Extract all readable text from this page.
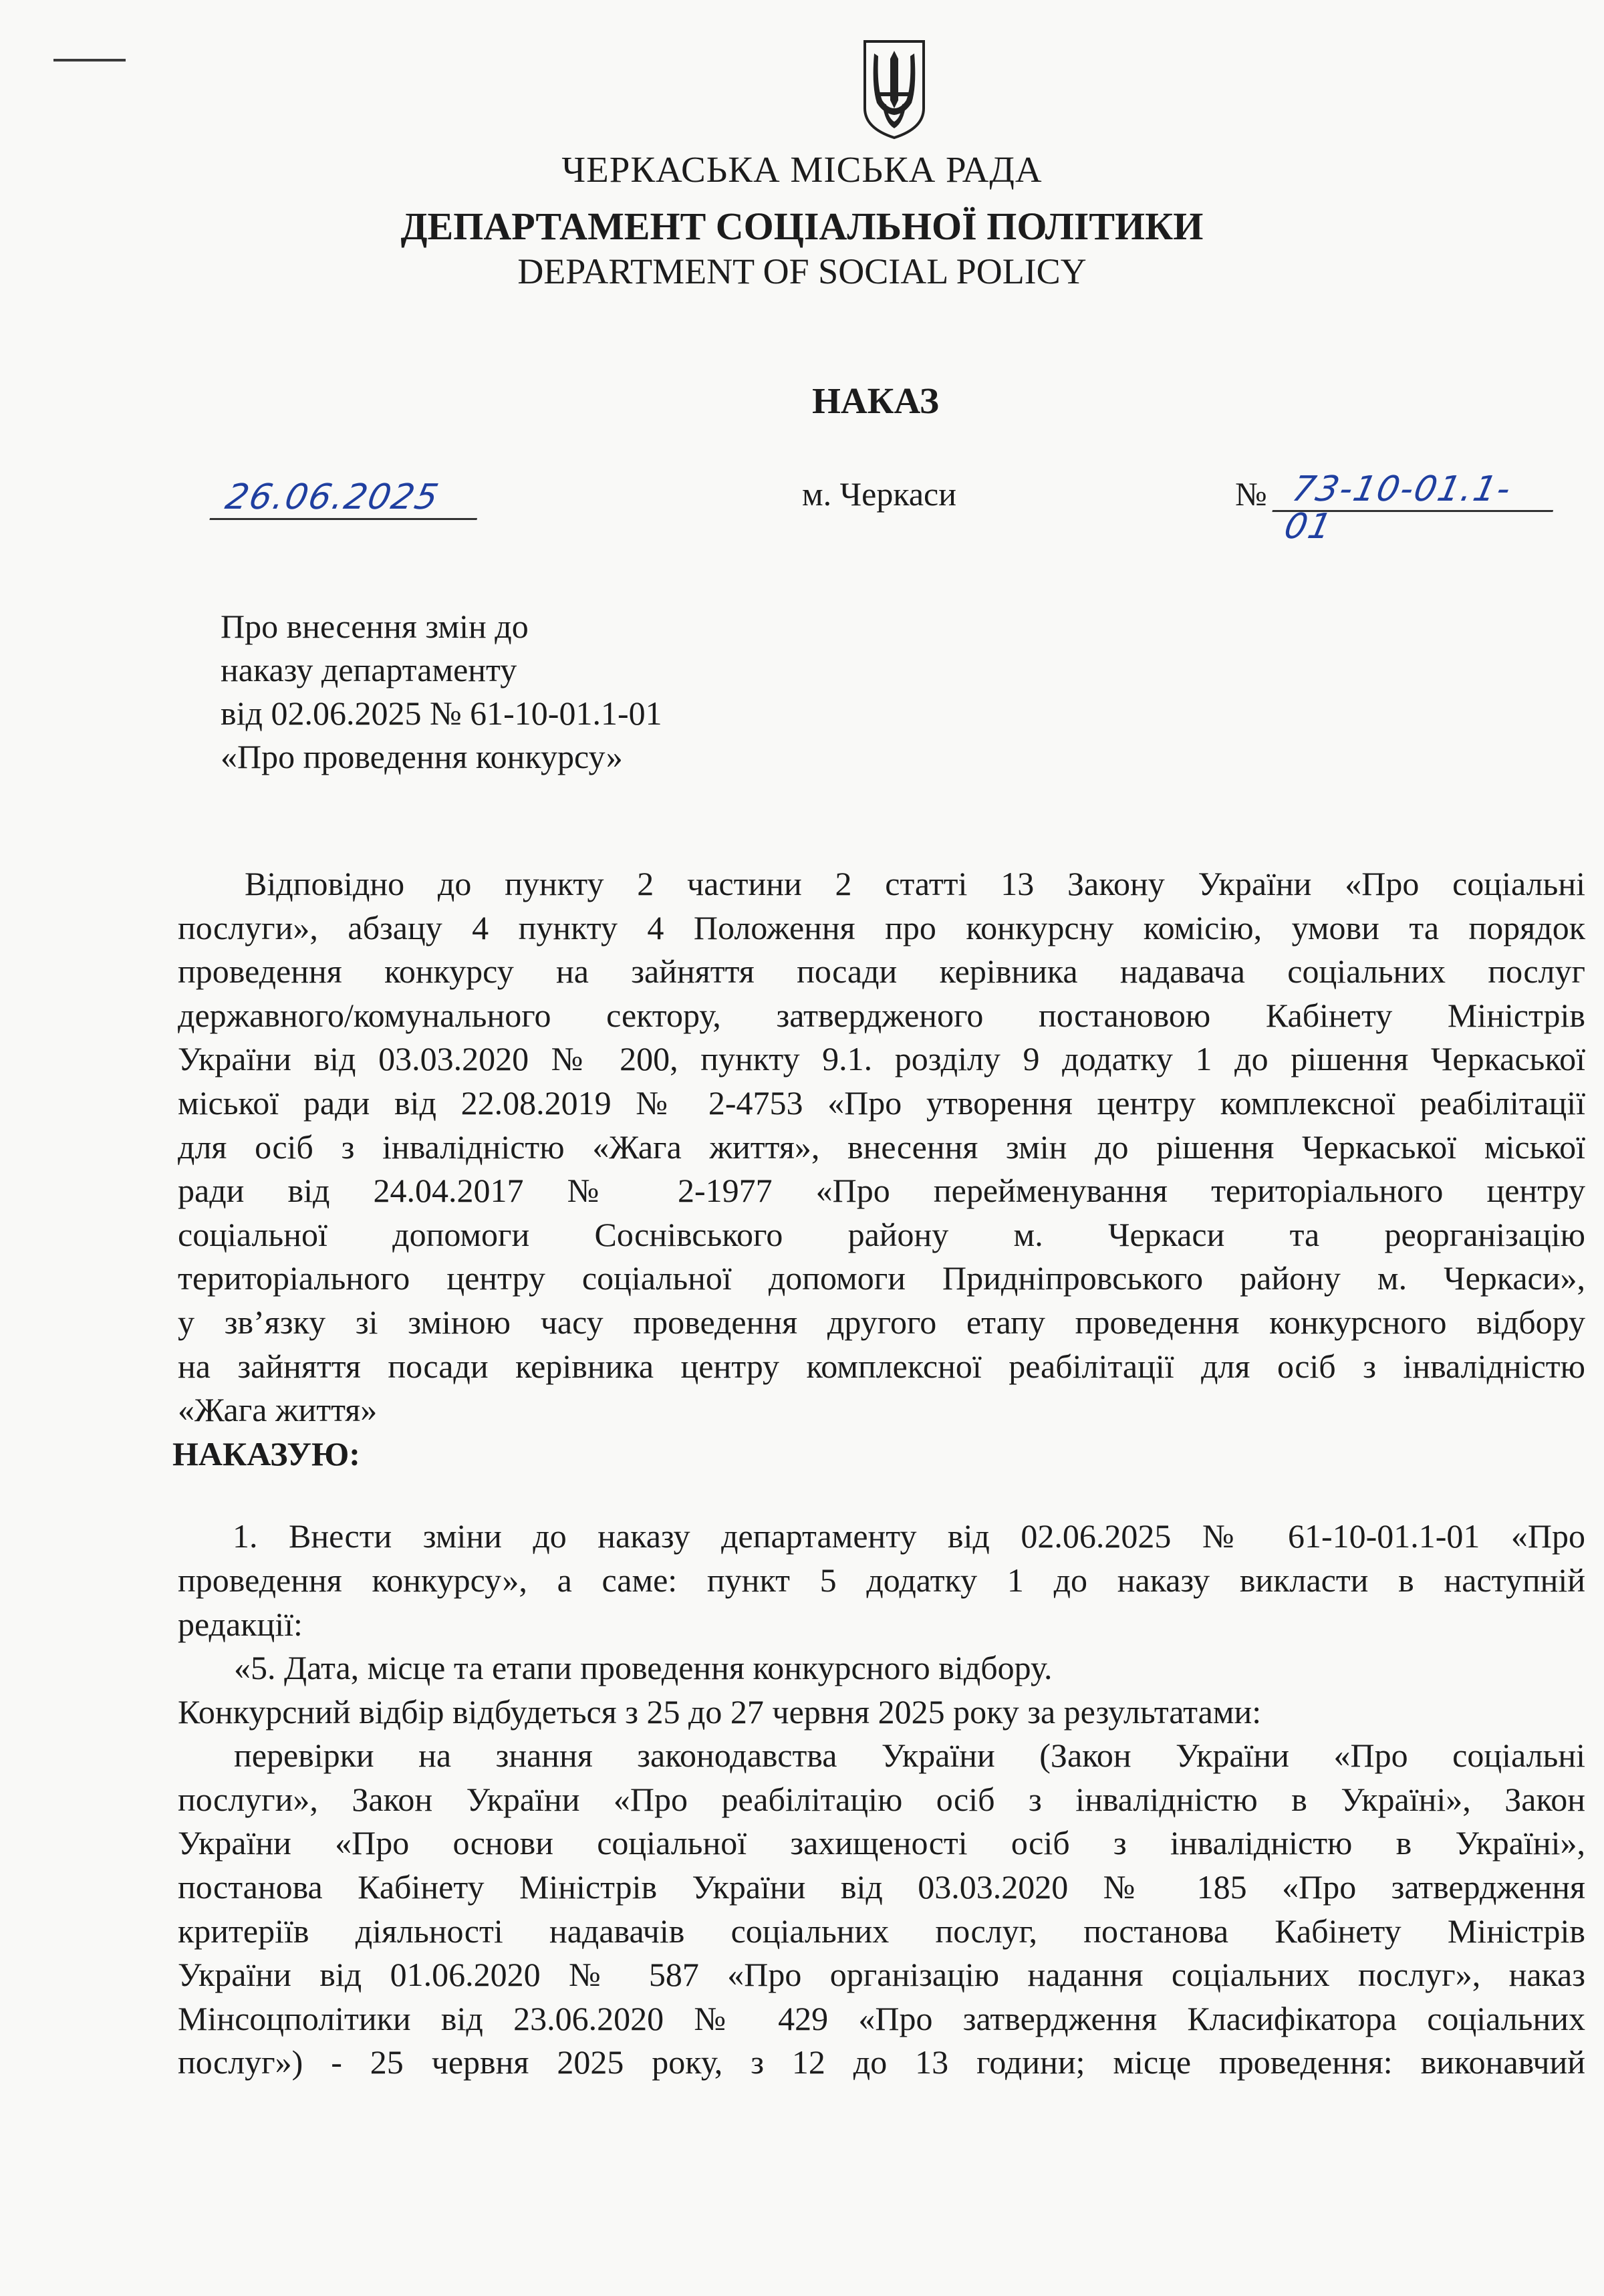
ЧЕРКАСЬКА МІСЬКА РАДА
ДЕПАРТАМЕНТ СОЦІАЛЬНОЇ ПОЛІТИКИ
DEPARTMENT OF SOCIAL POLICY
НАКАЗ
26.06.2025	м. Черкаси	№ 73-10-01.1-01
Про внесення змін до
наказу департаменту
від 02.06.2025 № 61-10-01.1-01
«Про проведення конкурсу»
Відповідно до пункту 2 частини 2 статті 13 Закону України «Про соціальні
послуги», абзацу 4 пункту 4 Положення про конкурсну комісію, умови та порядок
проведення конкурсу на зайняття посади керівника надавача соціальних послуг
державного/комунального сектору, затвердженого постановою Кабінету Міністрів
України від 03.03.2020 № 200, пункту 9.1. розділу 9 додатку 1 до рішення Черкаської
міської ради від 22.08.2019 № 2-4753 «Про утворення центру комплексної реабілітації
для осіб з інвалідністю «Жага життя», внесення змін до рішення Черкаської міської
ради від 24.04.2017 № 2-1977 «Про перейменування територіального центру
соціальної допомоги Соснівського району м. Черкаси та реорганізацію
територіального центру соціальної допомоги Придніпровського району м. Черкаси»,
у зв’язку зі зміною часу проведення другого етапу проведення конкурсного відбору
на зайняття посади керівника центру комплексної реабілітації для осіб з інвалідністю
«Жага життя»
НАКАЗУЮ:
1. Внести зміни до наказу департаменту від 02.06.2025 № 61-10-01.1-01 «Про
проведення конкурсу», а саме: пункт 5 додатку 1 до наказу викласти в наступній
редакції:
«5. Дата, місце та етапи проведення конкурсного відбору.
Конкурсний відбір відбудеться з 25 до 27 червня 2025 року за результатами:
перевірки на знання законодавства України (Закон України «Про соціальні
послуги», Закон України «Про реабілітацію осіб з інвалідністю в Україні», Закон
України «Про основи соціальної захищеності осіб з інвалідністю в Україні»,
постанова Кабінету Міністрів України від 03.03.2020 № 185 «Про затвердження
критеріїв діяльності надавачів соціальних послуг, постанова Кабінету Міністрів
України від 01.06.2020 № 587 «Про організацію надання соціальних послуг», наказ
Мінсоцполітики від 23.06.2020 № 429 «Про затвердження Класифікатора соціальних
послуг») - 25 червня 2025 року, з 12 до 13 години; місце проведення: виконавчий
